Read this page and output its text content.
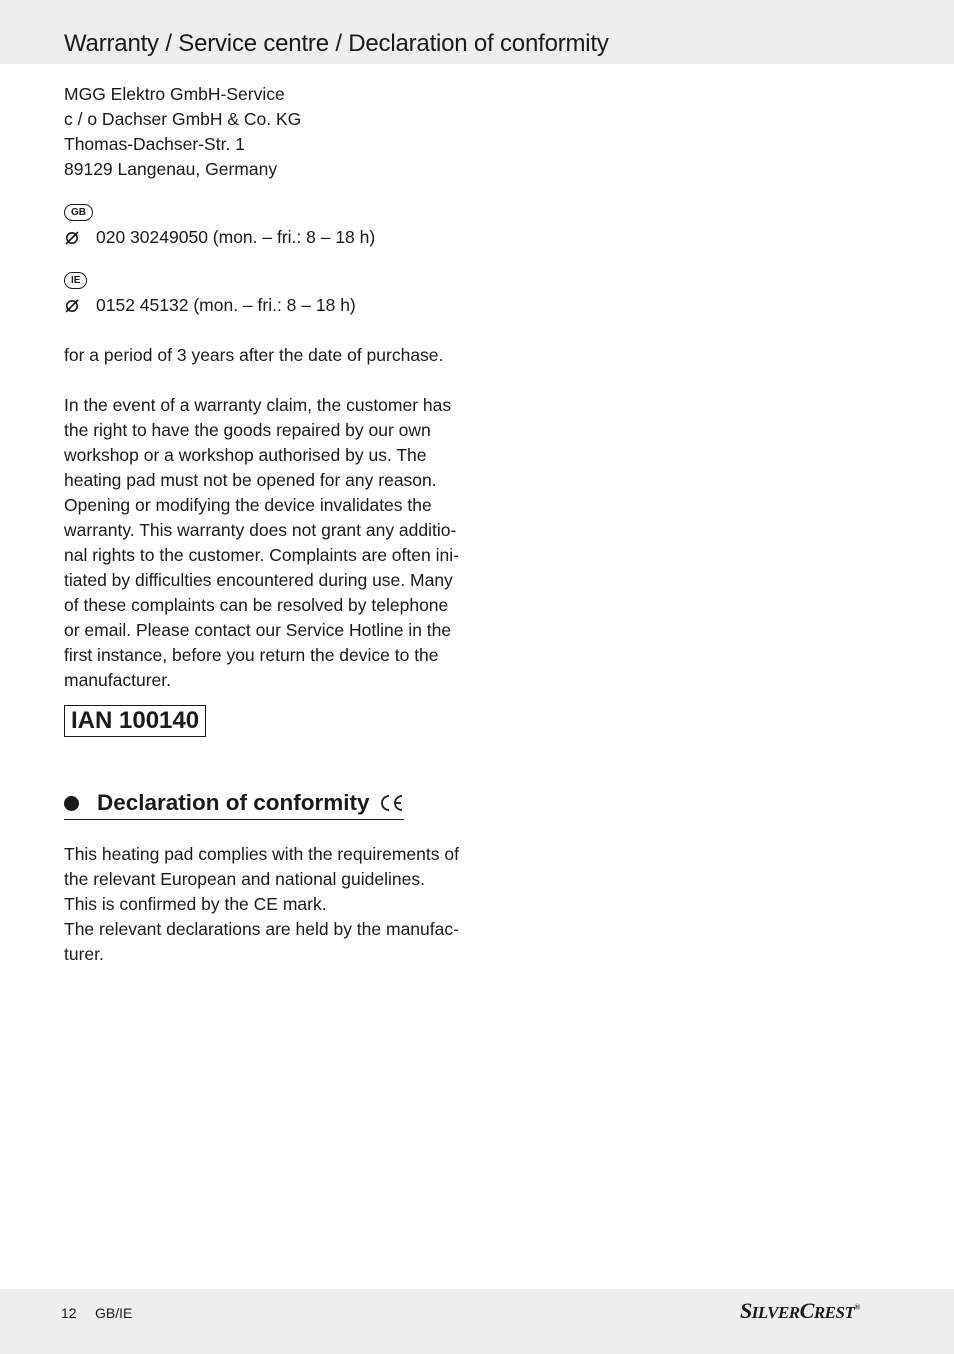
Warranty / Service centre / Declaration of conformity

MGG Elektro GmbH-Service

c / o Dachser GmbH & Co. KG

Thomas-Dachser-Str. 1

89129 Langenau, Germany

GB
020 30249050 (mon. – fri.: 8 – 18 h)
IE
0152 45132 (mon. – fri.: 8 – 18 h)

for a period of 3 years after the date of purchase.

In the event of a warranty claim, the customer has

the right to have the goods repaired by our own

workshop or a workshop authorised by us. The

heating pad must not be opened for any reason.

Opening or modifying the device invalidates the

warranty. This warranty does not grant any additio-

nal rights to the customer. Complaints are often ini-

tiated by difficulties encountered during use. Many

of these complaints can be resolved by telephone

or email. Please contact our Service Hotline in the

first instance, before you return the device to the

manufacturer.

IAN 100140
Declaration of conformity

This heating pad complies with the requirements of

the relevant European and national guidelines.

This is confirmed by the CE mark.

The relevant declarations are held by the manufac-

turer.

12 GB/IE	SILVERCREST®
